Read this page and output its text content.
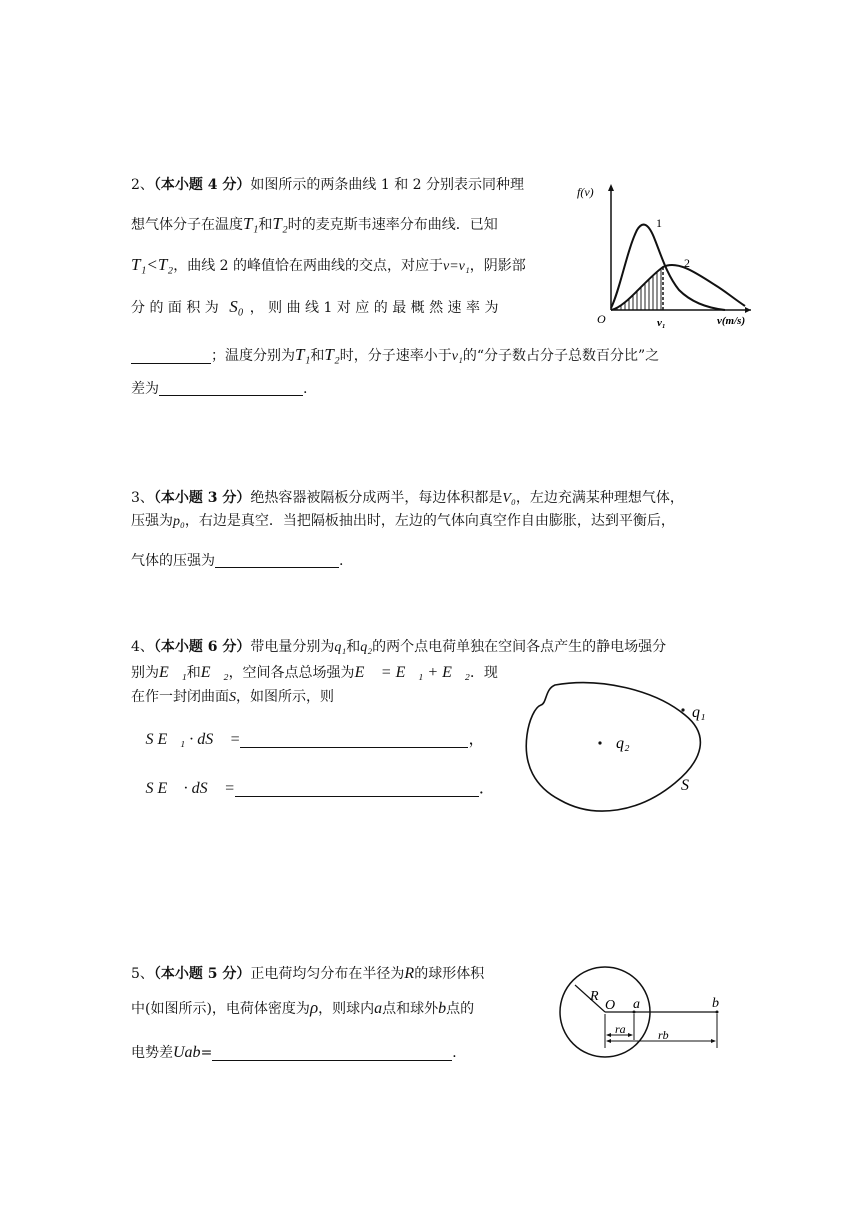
2、（本小题 4 分）如图所示的两条曲线 1 和 2 分别表示同种理
想气体分子在温度T₁和T₂时的麦克斯韦速率分布曲线．已知
T₁<T₂，曲线 2 的峰值恰在两曲线的交点，对应于v=v₁，阴影部
分 的 面 积 为 S₀ ， 则 曲 线 1 对 应 的 最 概 然 速 率 为
；温度分别为T₁和T₂时，分子速率小于v₁的“分子数占分子总数百分比”之
差为	.
f(v)
O	v₁	v(m/s)
1
2
3、（本小题 3 分）绝热容器被隔板分成两半，每边体积都是V₀，左边充满某种理想气体，
压强为p₀，右边是真空．当把隔板抽出时，左边的气体向真空作自由膨胀，达到平衡后，
气体的压强为	.
4、（本小题 6 分）带电量分别为q₁和q₂的两个点电荷单独在空间各点产生的静电场强分
别为E⃗₁和E⃗₂，空间各点总场强为E⃗ = E⃗₁ + E⃗₂．现
在作一封闭曲面S，如图所示，则
∮S E⃗₁ · dS⃗ =	，
∮S E⃗ · dS⃗ =	．
q₂
q₁
S
5、（本小题 5 分）正电荷均匀分布在半径为R的球形体积
中(如图所示)，电荷体密度为ρ，则球内a点和球外b点的
电势差Uab=	．
R
O a	b
ra	rb
